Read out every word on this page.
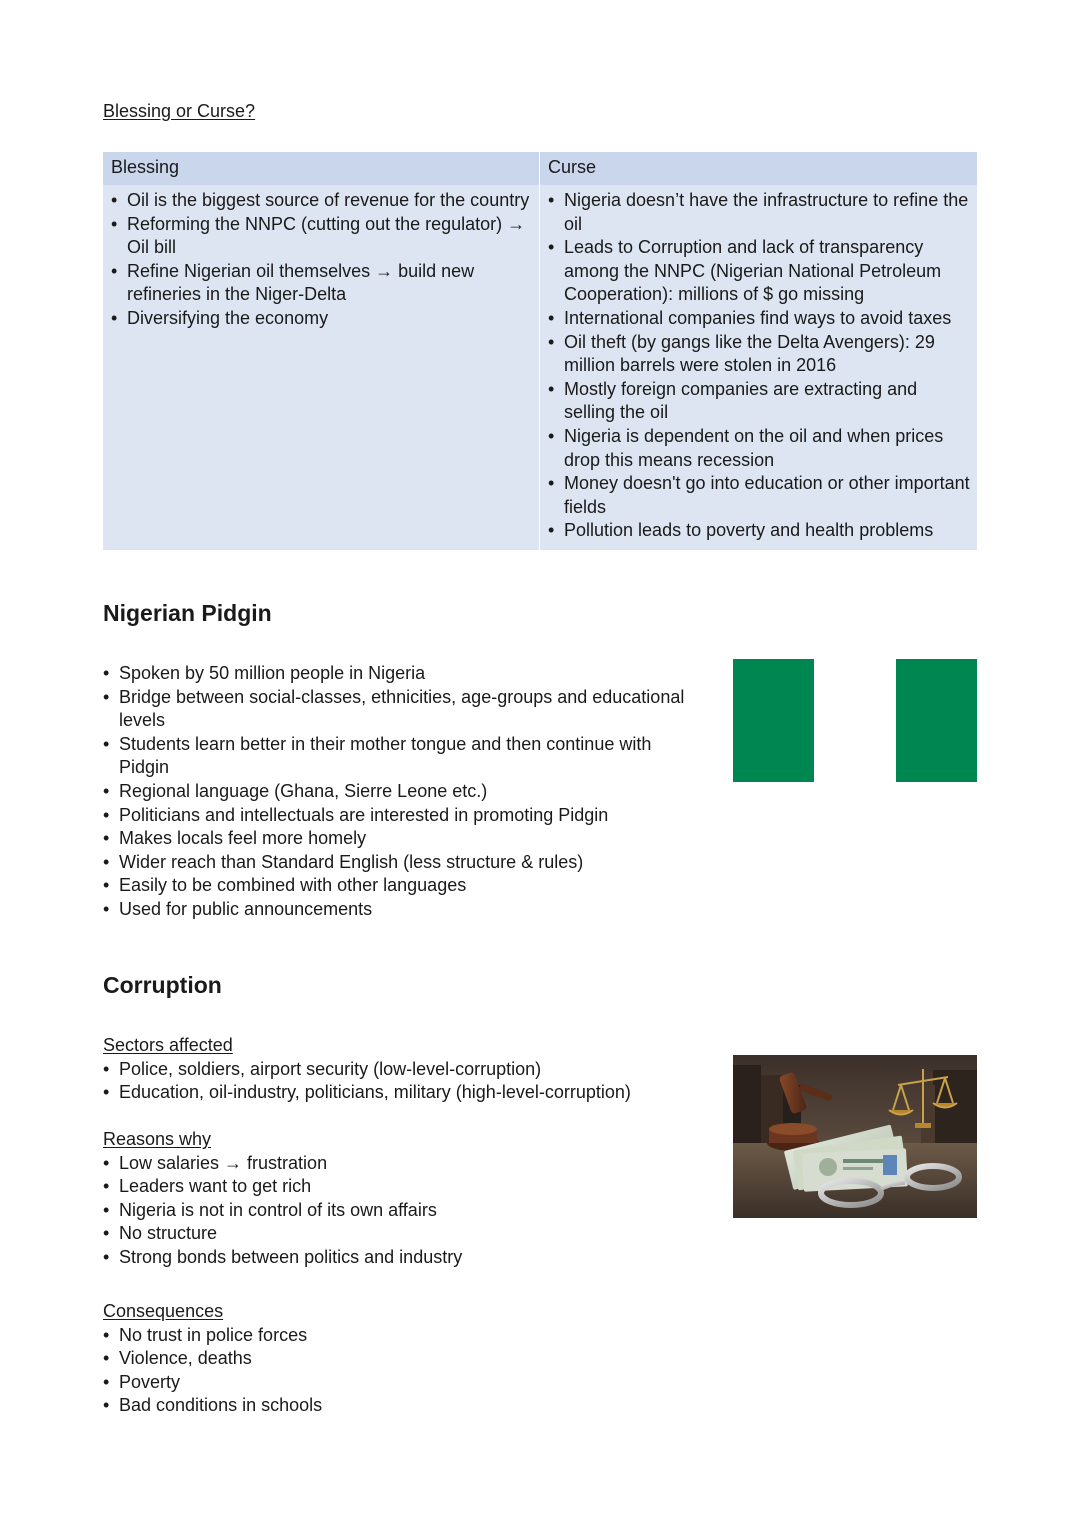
Blessing or Curse?
Blessing	Curse
• Oil is the biggest source of revenue for the country
• Reforming the NNPC (cutting out the regulator) → Oil bill
• Refine Nigerian oil themselves → build new refineries in the Niger-Delta
• Diversifying the economy
• Nigeria doesn’t have the infrastructure to refine the oil
• Leads to Corruption and lack of transparency among the NNPC (Nigerian National Petroleum Cooperation): millions of $ go missing
• International companies find ways to avoid taxes
• Oil theft (by gangs like the Delta Avengers): 29 million barrels were stolen in 2016
• Mostly foreign companies are extracting and selling the oil
• Nigeria is dependent on the oil and when prices drop this means recession
• Money doesn't go into education or other important fields
• Pollution leads to poverty and health problems
Nigerian Pidgin
• Spoken by 50 million people in Nigeria
• Bridge between social-classes, ethnicities, age-groups and educational levels
• Students learn better in their mother tongue and then continue with Pidgin
• Regional language (Ghana, Sierre Leone etc.)
• Politicians and intellectuals are interested in promoting Pidgin
• Makes locals feel more homely
• Wider reach than Standard English (less structure & rules)
• Easily to be combined with other languages
• Used for public announcements
Corruption
Sectors affected
• Police, soldiers, airport security (low-level-corruption)
• Education, oil-industry, politicians, military (high-level-corruption)
Reasons why
• Low salaries → frustration
• Leaders want to get rich
• Nigeria is not in control of its own affairs
• No structure
• Strong bonds between politics and industry
Consequences
• No trust in police forces
• Violence, deaths
• Poverty
• Bad conditions in schools
